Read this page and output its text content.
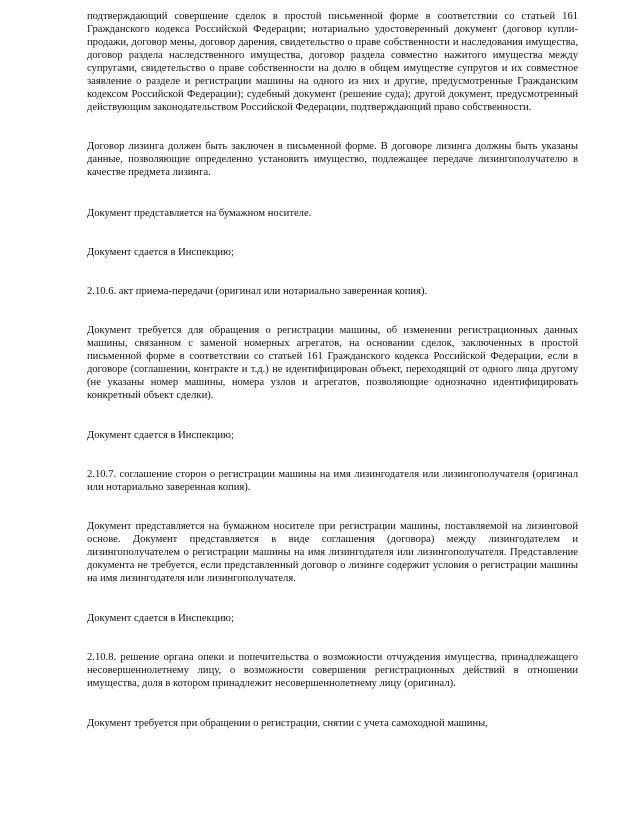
подтверждающий совершение сделок в простой письменной форме в соответствии со статьей 161 Гражданского кодекса Российской Федерации; нотариально удостоверенный документ (договор купли-продажи, договор мены, договор дарения, свидетельство о праве собственности и наследования имущества, договор раздела наследственного имущества, договор раздела совместно нажитого имущества между супругами, свидетельство о праве собственности на долю в общем имуществе супругов и их совместное заявление о разделе и регистрации машины на одного из них и другие, предусмотренные Гражданским кодексом Российской Федерации); судебный документ (решение суда); другой документ, предусмотренный действующим законодательством Российской Федерации, подтверждающий право собственности.

Договор лизинга должен быть заключен в письменной форме. В договоре лизинга должны быть указаны данные, позволяющие определенно установить имущество, подлежащее передаче лизингополучателю в качестве предмета лизинга.

Документ представляется на бумажном носителе.

Документ сдается в Инспекцию;

2.10.6. акт приема-передачи (оригинал или нотариально заверенная копия).

Документ требуется для обращения о регистрации машины, об изменении регистрационных данных машины, связанном с заменой номерных агрегатов, на основании сделок, заключенных в простой письменной форме в соответствии со статьей 161 Гражданского кодекса Российской Федерации, если в договоре (соглашении, контракте и т.д.) не идентифицирован объект, переходящий от одного лица другому (не указаны номер машины, номера узлов и агрегатов, позволяющие однозначно идентифицировать конкретный объект сделки).

Документ сдается в Инспекцию;

2.10.7. соглашение сторон о регистрации машины на имя лизингодателя или лизингополучателя (оригинал или нотариально заверенная копия).

Документ представляется на бумажном носителе при регистрации машины, поставляемой на лизинговой основе. Документ представляется в виде соглашения (договора) между лизингодателем и лизингополучателем о регистрации машины на имя лизингодателя или лизингополучателя. Представление документа не требуется, если представленный договор о лизинге содержит условия о регистрации машины на имя лизингодателя или лизингополучателя.

Документ сдается в Инспекцию;

2.10.8. решение органа опеки и попечительства о возможности отчуждения имущества, принадлежащего несовершеннолетнему лицу, о возможности совершения регистрационных действий в отношении имущества, доля в котором принадлежит несовершеннолетнему лицу (оригинал).

Документ требуется при обращении о регистрации, снятии с учета самоходной машины,
